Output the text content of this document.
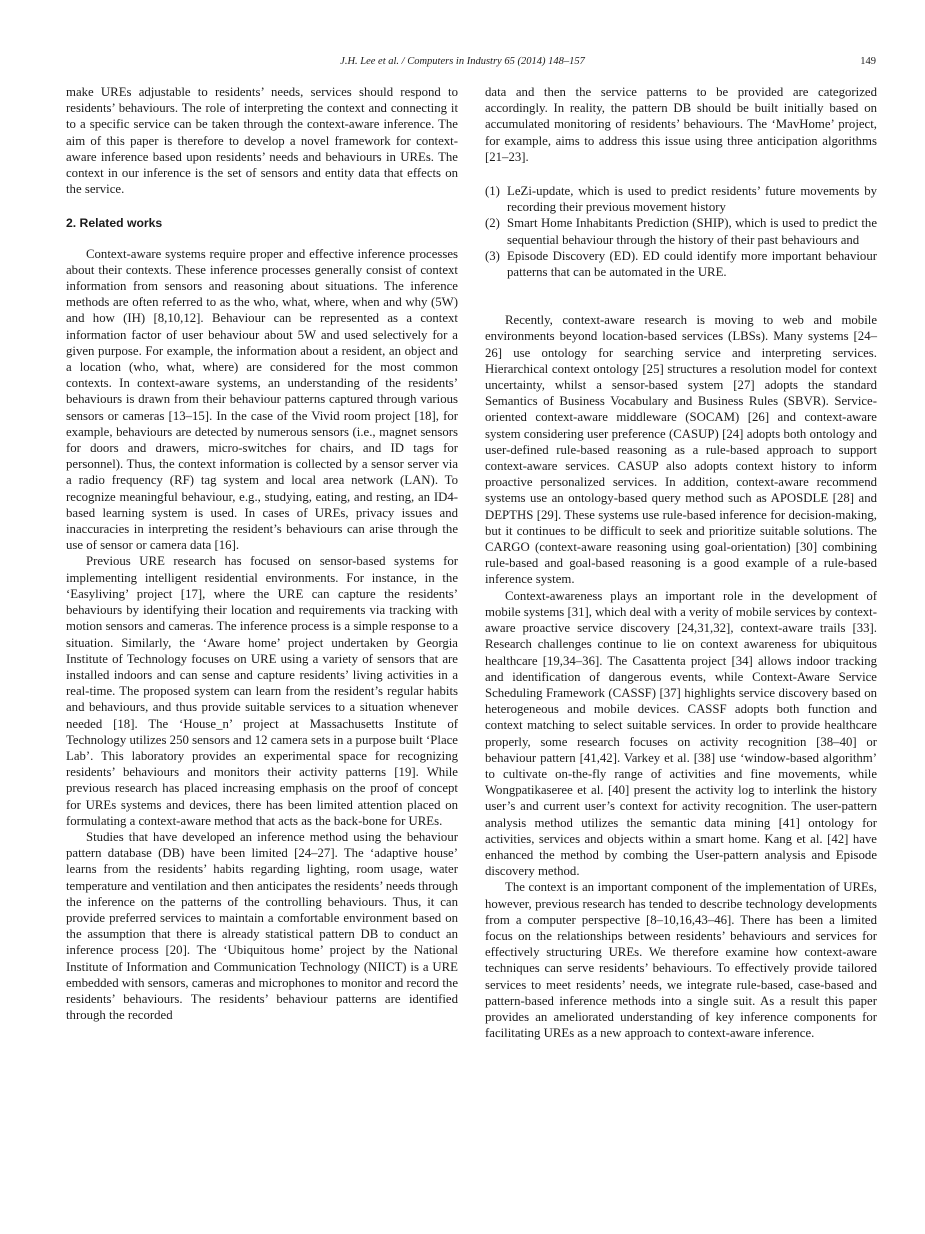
J.H. Lee et al. / Computers in Industry 65 (2014) 148–157	149

make UREs adjustable to residents’ needs, services should respond to residents’ behaviours. The role of interpreting the context and connecting it to a specific service can be taken through the context-aware inference. The aim of this paper is therefore to develop a novel framework for context-aware inference based upon residents’ needs and behaviours in UREs. The context in our inference is the set of sensors and entity data that effects on the service.

2. Related works

Context-aware systems require proper and effective inference processes about their contexts. These inference processes generally consist of context information from sensors and reasoning about situations. The inference methods are often referred to as the who, what, where, when and why (5W) and how (IH) [8,10,12]. Behaviour can be represented as a context information factor of user behaviour about 5W and used selectively for a given purpose. For example, the information about a resident, an object and a location (who, what, where) are considered for the most common contexts. In context-aware systems, an understanding of the residents’ behaviours is drawn from their behaviour patterns captured through various sensors or cameras [13–15]. In the case of the Vivid room project [18], for example, behaviours are detected by numerous sensors (i.e., magnet sensors for doors and drawers, micro-switches for chairs, and ID tags for personnel). Thus, the context information is collected by a sensor server via a radio frequency (RF) tag system and local area network (LAN). To recognize meaningful behaviour, e.g., studying, eating, and resting, an ID4-based learning system is used. In cases of UREs, privacy issues and inaccuracies in interpreting the resident’s behaviours can arise through the use of sensor or camera data [16].

Previous URE research has focused on sensor-based systems for implementing intelligent residential environments. For instance, in the ‘Easyliving’ project [17], where the URE can capture the residents’ behaviours by identifying their location and requirements via tracking with motion sensors and cameras. The inference process is a simple response to a situation. Similarly, the ‘Aware home’ project undertaken by Georgia Institute of Technology focuses on URE using a variety of sensors that are installed indoors and can sense and capture residents’ living activities in a real-time. The proposed system can learn from the resident’s regular habits and behaviours, and thus provide suitable services to a situation whenever needed [18]. The ‘House_n’ project at Massachusetts Institute of Technology utilizes 250 sensors and 12 camera sets in a purpose built ‘Place Lab’. This laboratory provides an experimental space for recognizing residents’ behaviours and monitors their activity patterns [19]. While previous research has placed increasing emphasis on the proof of concept for UREs systems and devices, there has been limited attention placed on formulating a context-aware method that acts as the back-bone for UREs.

Studies that have developed an inference method using the behaviour pattern database (DB) have been limited [24–27]. The ‘adaptive house’ learns from the residents’ habits regarding lighting, room usage, water temperature and ventilation and then anticipates the residents’ needs through the inference on the patterns of the controlling behaviours. Thus, it can provide preferred services to maintain a comfortable environment based on the assumption that there is already statistical pattern DB to conduct an inference process [20]. The ‘Ubiquitous home’ project by the National Institute of Information and Communication Technology (NIICT) is a URE embedded with sensors, cameras and microphones to monitor and record the residents’ behaviours. The residents’ behaviour patterns are identified through the recorded

data and then the service patterns to be provided are categorized accordingly. In reality, the pattern DB should be built initially based on accumulated monitoring of residents’ behaviours. The ‘MavHome’ project, for example, aims to address this issue using three anticipation algorithms [21–23].

(1) LeZi-update, which is used to predict residents’ future movements by recording their previous movement history
(2) Smart Home Inhabitants Prediction (SHIP), which is used to predict the sequential behaviour through the history of their past behaviours and
(3) Episode Discovery (ED). ED could identify more important behaviour patterns that can be automated in the URE.

Recently, context-aware research is moving to web and mobile environments beyond location-based services (LBSs). Many systems [24–26] use ontology for searching service and interpreting services. Hierarchical context ontology [25] structures a resolution model for context uncertainty, whilst a sensor-based system [27] adopts the standard Semantics of Business Vocabulary and Business Rules (SBVR). Service-oriented context-aware middleware (SOCAM) [26] and context-aware system considering user preference (CASUP) [24] adopts both ontology and user-defined rule-based reasoning as a rule-based approach to support context-aware services. CASUP also adopts context history to inform proactive personalized services. In addition, context-aware recommend systems use an ontology-based query method such as APOSDLE [28] and DEPTHS [29]. These systems use rule-based inference for decision-making, but it continues to be difficult to seek and prioritize suitable solutions. The CARGO (context-aware reasoning using goal-orientation) [30] combining rule-based and goal-based reasoning is a good example of a rule-based inference system.

Context-awareness plays an important role in the development of mobile systems [31], which deal with a verity of mobile services by context-aware proactive service discovery [24,31,32], context-aware trails [33]. Research challenges continue to lie on context awareness for ubiquitous healthcare [19,34–36]. The Casattenta project [34] allows indoor tracking and identification of dangerous events, while Context-Aware Service Scheduling Framework (CASSF) [37] highlights service discovery based on heterogeneous and mobile devices. CASSF adopts both function and context matching to select suitable services. In order to provide healthcare properly, some research focuses on activity recognition [38–40] or behaviour pattern [41,42]. Varkey et al. [38] use ‘window-based algorithm’ to cultivate on-the-fly range of activities and fine movements, while Wongpatikaseree et al. [40] present the activity log to interlink the history user’s and current user’s context for activity recognition. The user-pattern analysis method utilizes the semantic data mining [41] ontology for activities, services and objects within a smart home. Kang et al. [42] have enhanced the method by combing the User-pattern analysis and Episode discovery method.

The context is an important component of the implementation of UREs, however, previous research has tended to describe technology developments from a computer perspective [8–10,16,43–46]. There has been a limited focus on the relationships between residents’ behaviours and services for effectively structuring UREs. We therefore examine how context-aware techniques can serve residents’ behaviours. To effectively provide tailored services to meet residents’ needs, we integrate rule-based, case-based and pattern-based inference methods into a single suit. As a result this paper provides an ameliorated understanding of key inference components for facilitating UREs as a new approach to context-aware inference.
